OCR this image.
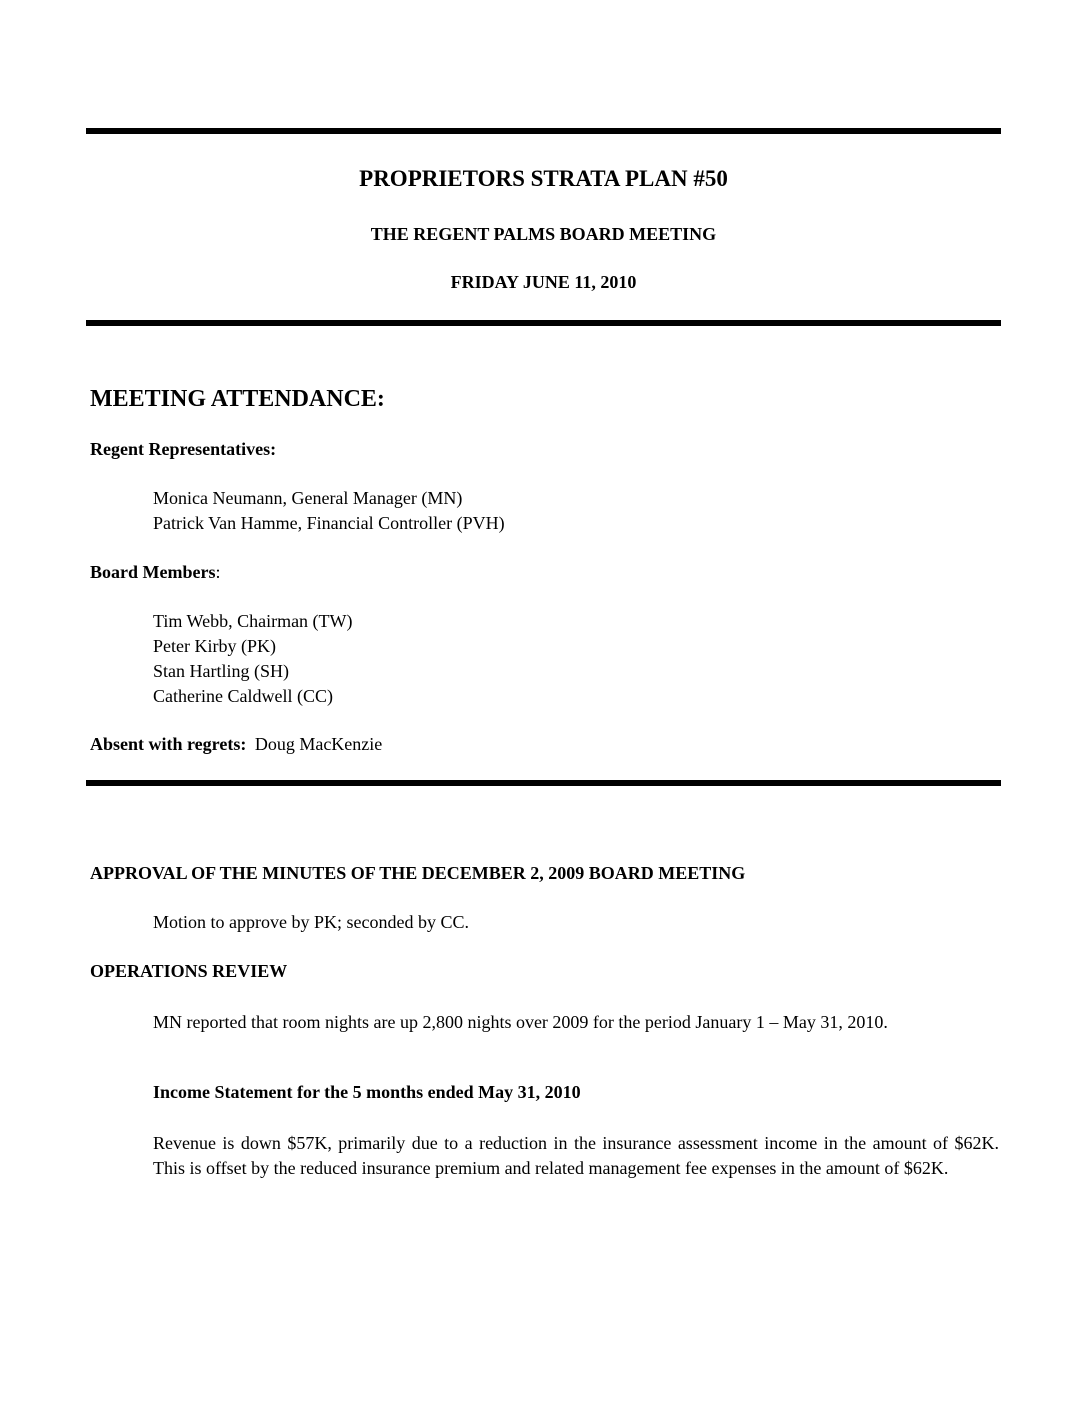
PROPRIETORS STRATA PLAN #50
THE REGENT PALMS BOARD MEETING
FRIDAY JUNE 11, 2010
MEETING ATTENDANCE:
Regent Representatives:
Monica Neumann, General Manager (MN)
Patrick Van Hamme, Financial Controller (PVH)
Board Members:
Tim Webb, Chairman (TW)
Peter Kirby (PK)
Stan Hartling (SH)
Catherine Caldwell (CC)
Absent with regrets: Doug MacKenzie
APPROVAL OF THE MINUTES OF THE DECEMBER 2, 2009 BOARD MEETING
Motion to approve by PK; seconded by CC.
OPERATIONS REVIEW
MN reported that room nights are up 2,800 nights over 2009 for the period January 1 – May 31, 2010.
Income Statement for the 5 months ended May 31, 2010
Revenue is down $57K, primarily due to a reduction in the insurance assessment income in the amount of $62K. This is offset by the reduced insurance premium and related management fee expenses in the amount of $62K.
